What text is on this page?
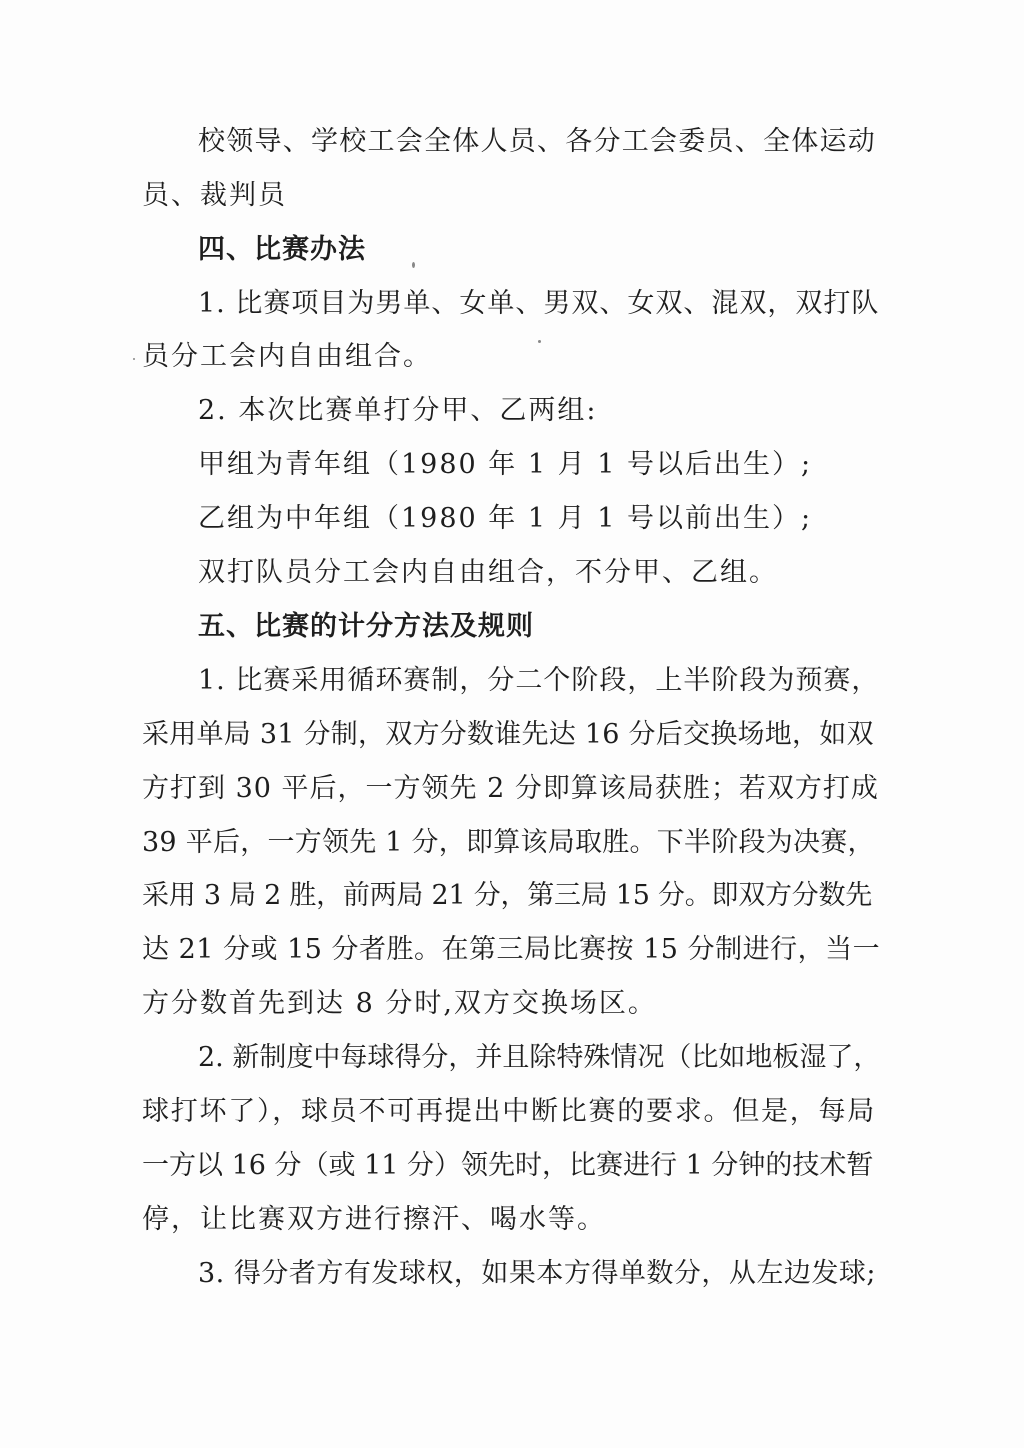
校领导、学校工会全体人员、各分工会委员、全体运动
员、裁判员
四、比赛办法
1. 比赛项目为男单、女单、男双、女双、混双，双打队
员分工会内自由组合。
2. 本次比赛单打分甲、乙两组:
甲组为青年组（1980 年 1 月 1 号以后出生）;
乙组为中年组（1980 年 1 月 1 号以前出生）;
双打队员分工会内自由组合，不分甲、乙组。
五、比赛的计分方法及规则
1. 比赛采用循环赛制，分二个阶段，上半阶段为预赛，
采用单局 31 分制，双方分数谁先达 16 分后交换场地，如双
方打到 30 平后，一方领先 2 分即算该局获胜；若双方打成
39 平后，一方领先 1 分，即算该局取胜。下半阶段为决赛，
采用 3 局 2 胜，前两局 21 分，第三局 15 分。即双方分数先
达 21 分或 15 分者胜。在第三局比赛按 15 分制进行，当一
方分数首先到达 8 分时,双方交换场区。
2. 新制度中每球得分，并且除特殊情况（比如地板湿了，
球打坏了），球员不可再提出中断比赛的要求。但是，每局
一方以 16 分（或 11 分）领先时，比赛进行 1 分钟的技术暂
停，让比赛双方进行擦汗、喝水等。
3. 得分者方有发球权，如果本方得单数分，从左边发球;
